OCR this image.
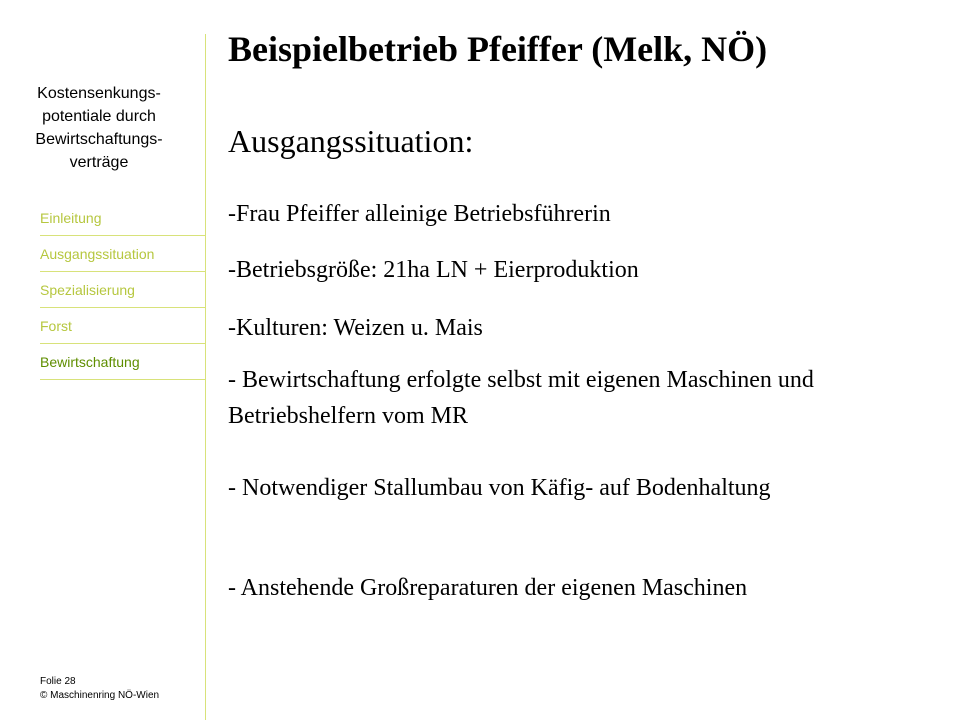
Kostensenkungs-
potentiale durch
Bewirtschaftungs-
verträge
Einleitung
Ausgangssituation
Spezialisierung
Forst
Bewirtschaftung
Folie 28
© Maschinenring NÖ-Wien
Beispielbetrieb Pfeiffer (Melk, NÖ)
Ausgangssituation:
-Frau Pfeiffer alleinige Betriebsführerin
-Betriebsgröße: 21ha LN + Eierproduktion
-Kulturen: Weizen u. Mais
- Bewirtschaftung erfolgte selbst mit eigenen Maschinen und Betriebshelfern vom MR
- Notwendiger Stallumbau von Käfig- auf Bodenhaltung
- Anstehende Großreparaturen der eigenen Maschinen
